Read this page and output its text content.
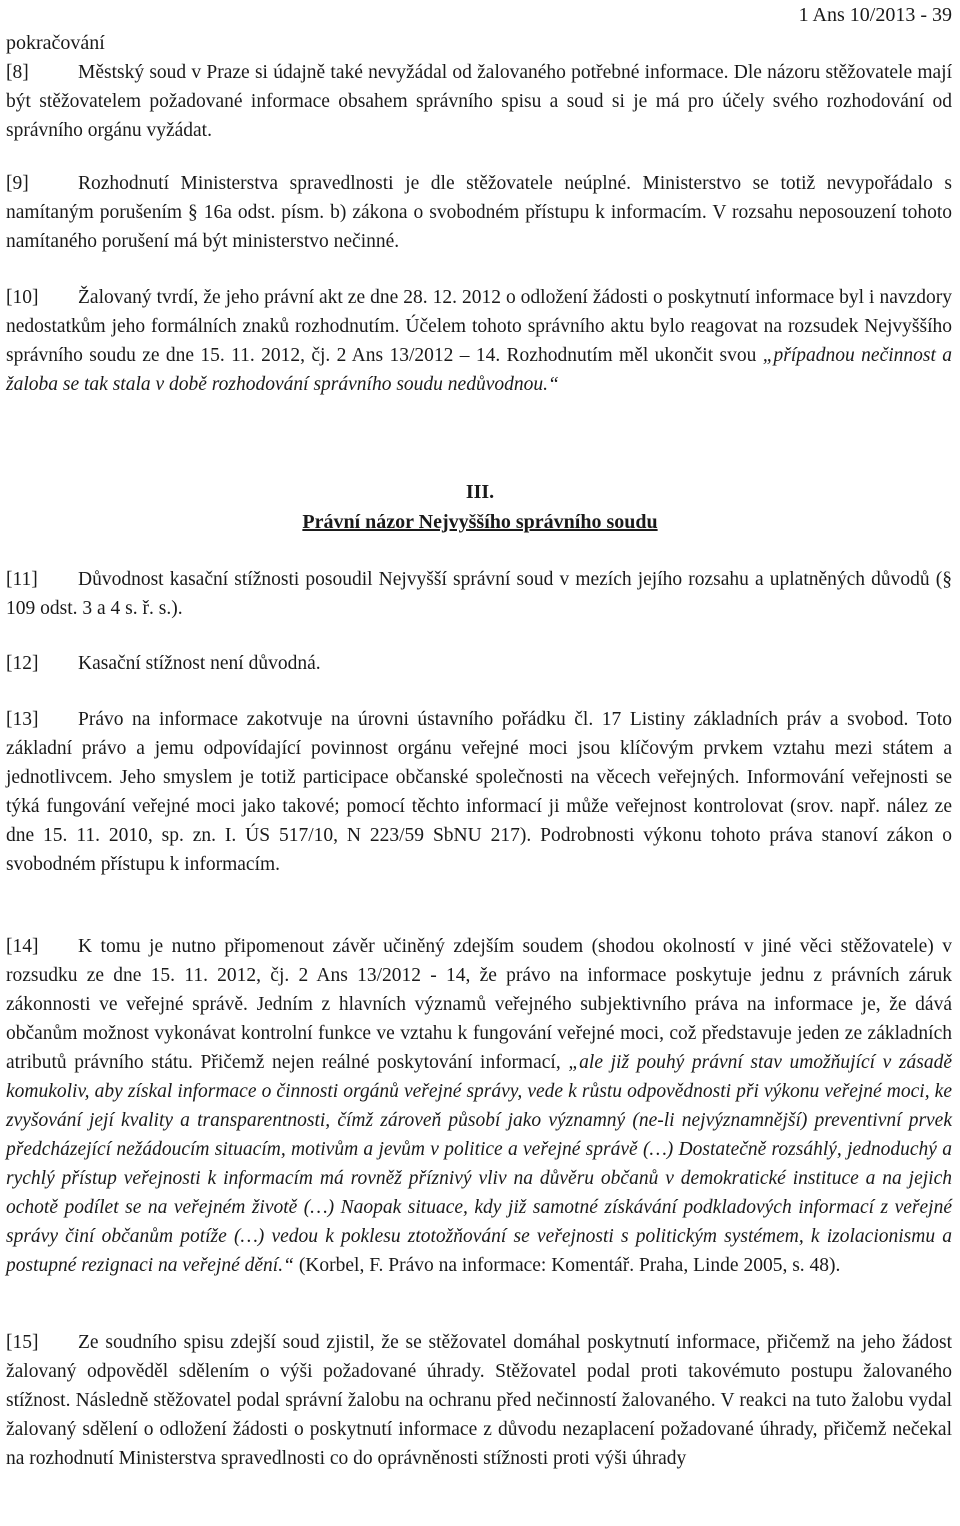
1 Ans 10/2013 - 39
pokračování

[8]	Městský soud v Praze si údajně také nevyžádal od žalovaného potřebné informace. Dle názoru stěžovatele mají být stěžovatelem požadované informace obsahem správního spisu a soud si je má pro účely svého rozhodování od správního orgánu vyžádat.

[9]	Rozhodnutí Ministerstva spravedlnosti je dle stěžovatele neúplné. Ministerstvo se totiž nevypořádalo s namítaným porušením § 16a odst. písm. b) zákona o svobodném přístupu k informacím. V rozsahu neposouzení tohoto namítaného porušení má být ministerstvo nečinné.

[10] Žalovaný tvrdí, že jeho právní akt ze dne 28. 12. 2012 o odložení žádosti o poskytnutí informace byl i navzdory nedostatkům jeho formálních znaků rozhodnutím. Účelem tohoto správního aktu bylo reagovat na rozsudek Nejvyššího správního soudu ze dne 15. 11. 2012, čj. 2 Ans 13/2012 – 14. Rozhodnutím měl ukončit svou „případnou nečinnost a žaloba se tak stala v době rozhodování správního soudu nedůvodnou.“

III.
Právní názor Nejvyššího správního soudu

[11] Důvodnost kasační stížnosti posoudil Nejvyšší správní soud v mezích jejího rozsahu a uplatněných důvodů (§ 109 odst. 3 a 4 s. ř. s.).

[12] Kasační stížnost není důvodná.

[13] Právo na informace zakotvuje na úrovni ústavního pořádku čl. 17 Listiny základních práv a svobod. Toto základní právo a jemu odpovídající povinnost orgánu veřejné moci jsou klíčovým prvkem vztahu mezi státem a jednotlivcem. Jeho smyslem je totiž participace občanské společnosti na věcech veřejných. Informování veřejnosti se týká fungování veřejné moci jako takové; pomocí těchto informací ji může veřejnost kontrolovat (srov. např. nález ze dne 15. 11. 2010, sp. zn. I. ÚS 517/10, N 223/59 SbNU 217). Podrobnosti výkonu tohoto práva stanoví zákon o svobodném přístupu k informacím.

[14] K tomu je nutno připomenout závěr učiněný zdejším soudem (shodou okolností v jiné věci stěžovatele) v rozsudku ze dne 15. 11. 2012, čj. 2 Ans 13/2012 - 14, že právo na informace poskytuje jednu z právních záruk zákonnosti ve veřejné správě. Jedním z hlavních významů veřejného subjektivního práva na informace je, že dává občanům možnost vykonávat kontrolní funkce ve vztahu k fungování veřejné moci, což představuje jeden ze základních atributů právního státu. Přičemž nejen reálné poskytování informací, „ale již pouhý právní stav umožňující v zásadě komukoliv, aby získal informace o činnosti orgánů veřejné správy, vede k růstu odpovědnosti při výkonu veřejné moci, ke zvyšování její kvality a transparentnosti, čímž zároveň působí jako významný (ne-li nejvýznamnější) preventivní prvek předcházející nežádoucím situacím, motivům a jevům v politice a veřejné správě (…) Dostatečně rozsáhlý, jednoduchý a rychlý přístup veřejnosti k informacím má rovněž příznivý vliv na důvěru občanů v demokratické instituce a na jejich ochotě podílet se na veřejném životě (…) Naopak situace, kdy již samotné získávání podkladových informací z veřejné správy činí občanům potíže (…) vedou k poklesu ztotožňování se veřejnosti s politickým systémem, k izolacionismu a postupné rezignaci na veřejné dění.“ (Korbel, F. Právo na informace: Komentář. Praha, Linde 2005, s. 48).

[15] Ze soudního spisu zdejší soud zjistil, že se stěžovatel domáhal poskytnutí informace, přičemž na jeho žádost žalovaný odpověděl sdělením o výši požadované úhrady. Stěžovatel podal proti takovémuto postupu žalovaného stížnost. Následně stěžovatel podal správní žalobu na ochranu před nečinností žalovaného. V reakci na tuto žalobu vydal žalovaný sdělení o odložení žádosti o poskytnutí informace z důvodu nezaplacení požadované úhrady, přičemž nečekal na rozhodnutí Ministerstva spravedlnosti co do oprávněnosti stížnosti proti výši úhrady
